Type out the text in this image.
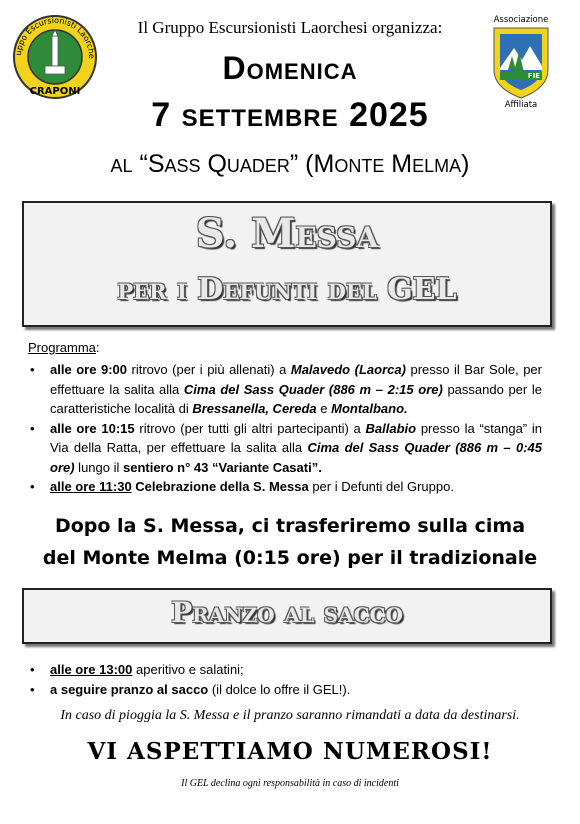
uppo Escursionisti Laorche
CRAPONI
Associazione
FIE
Affiliata
Il Gruppo Escursionisti Laorchesi organizza:
Domenica
7 settembre 2025
al “Sass Quader” (Monte Melma)
S. Messa
per i Defunti del GEL
Programma:
• alle ore 9:00 ritrovo (per i più allenati) a Malavedo (Laorca) presso il Bar Sole, per effettuare la salita alla Cima del Sass Quader (886 m – 2:15 ore) passando per le caratteristiche località di Bressanella, Cereda e Montalbano.
• alle ore 10:15 ritrovo (per tutti gli altri partecipanti) a Ballabio presso la “stanga” in Via della Ratta, per effettuare la salita alla Cima del Sass Quader (886 m – 0:45 ore) lungo il sentiero n° 43 “Variante Casati”.
• alle ore 11:30 Celebrazione della S. Messa per i Defunti del Gruppo.
Dopo la S. Messa, ci trasferiremo sulla cima
del Monte Melma (0:15 ore) per il tradizionale
Pranzo al sacco
• alle ore 13:00 aperitivo e salatini;
• a seguire pranzo al sacco (il dolce lo offre il GEL!).
In caso di pioggia la S. Messa e il pranzo saranno rimandati a data da destinarsi.
VI ASPETTIAMO NUMEROSI!
Il GEL declina ogni responsabilità in caso di incidenti
